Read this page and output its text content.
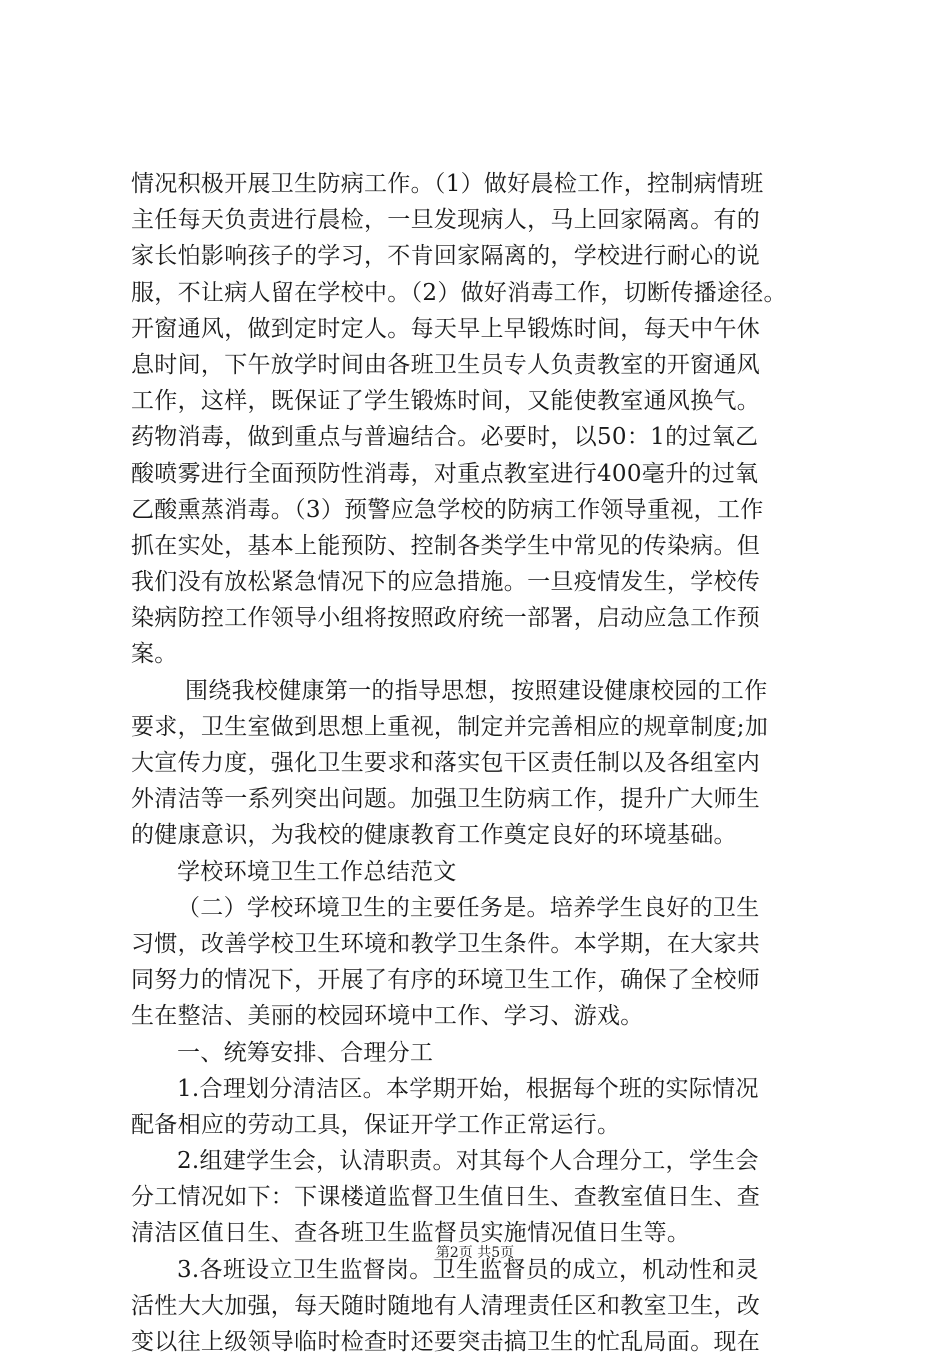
情况积极开展卫生防病工作。（1）做好晨检工作，控制病情班
主任每天负责进行晨检，一旦发现病人，马上回家隔离。有的
家长怕影响孩子的学习，不肯回家隔离的，学校进行耐心的说
服，不让病人留在学校中。（2）做好消毒工作，切断传播途径。
开窗通风，做到定时定人。每天早上早锻炼时间，每天中午休
息时间，下午放学时间由各班卫生员专人负责教室的开窗通风
工作，这样，既保证了学生锻炼时间，又能使教室通风换气。
药物消毒，做到重点与普遍结合。必要时，以50：1的过氧乙
酸喷雾进行全面预防性消毒，对重点教室进行400毫升的过氧
乙酸熏蒸消毒。（3）预警应急学校的防病工作领导重视，工作
抓在实处，基本上能预防、控制各类学生中常见的传染病。但
我们没有放松紧急情况下的应急措施。一旦疫情发生，学校传
染病防控工作领导小组将按照政府统一部署，启动应急工作预
案。
围绕我校健康第一的指导思想，按照建设健康校园的工作
要求，卫生室做到思想上重视，制定并完善相应的规章制度;加
大宣传力度，强化卫生要求和落实包干区责任制以及各组室内
外清洁等一系列突出问题。加强卫生防病工作，提升广大师生
的健康意识，为我校的健康教育工作奠定良好的环境基础。
学校环境卫生工作总结范文
（二）学校环境卫生的主要任务是。培养学生良好的卫生
习惯，改善学校卫生环境和教学卫生条件。本学期，在大家共
同努力的情况下，开展了有序的环境卫生工作，确保了全校师
生在整洁、美丽的校园环境中工作、学习、游戏。
一、统筹安排、合理分工
1.合理划分清洁区。本学期开始，根据每个班的实际情况
配备相应的劳动工具，保证开学工作正常运行。
2.组建学生会，认清职责。对其每个人合理分工，学生会
分工情况如下：下课楼道监督卫生值日生、查教室值日生、查
清洁区值日生、查各班卫生监督员实施情况值日生等。
3.各班设立卫生监督岗。卫生监督员的成立，机动性和灵
活性大大加强，每天随时随地有人清理责任区和教室卫生，改
变以往上级领导临时检查时还要突击搞卫生的忙乱局面。现在
第2页 共5页
